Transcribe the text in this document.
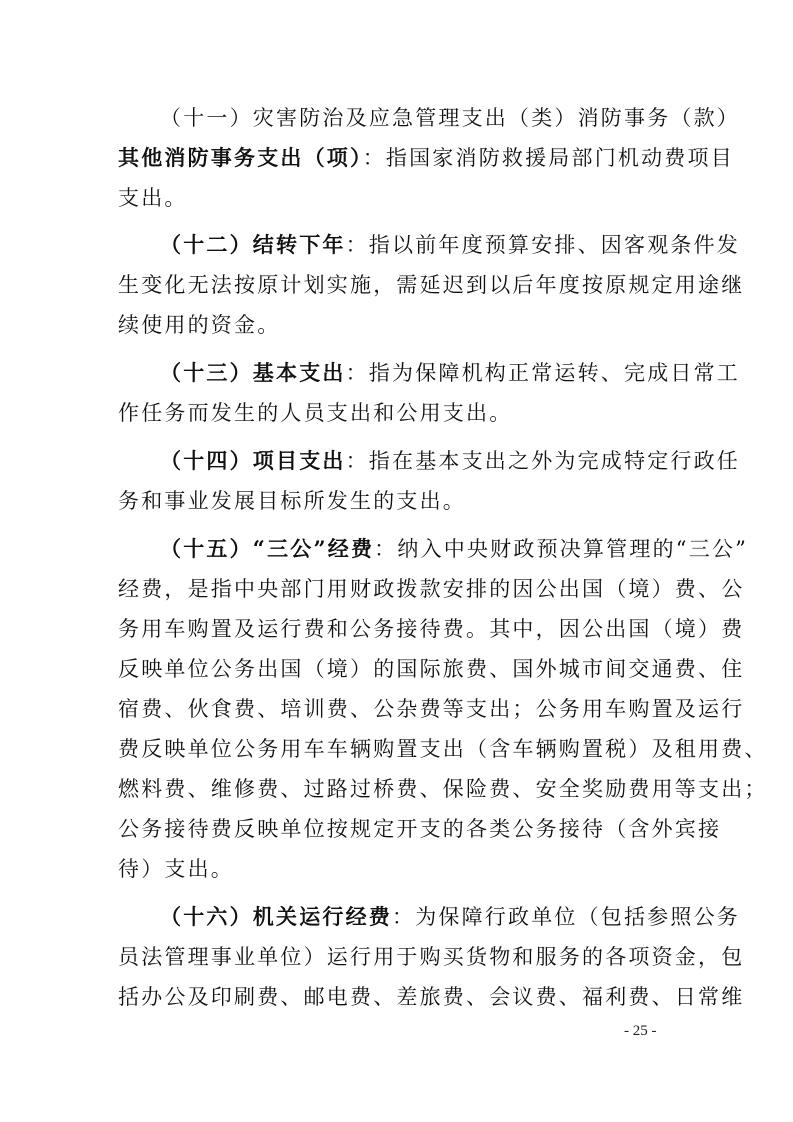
（十一）灾害防治及应急管理支出（类）消防事务（款）
其他消防事务支出（项）：指国家消防救援局部门机动费项目
支出。
（十二）结转下年：指以前年度预算安排、因客观条件发
生变化无法按原计划实施，需延迟到以后年度按原规定用途继
续使用的资金。
（十三）基本支出：指为保障机构正常运转、完成日常工
作任务而发生的人员支出和公用支出。
（十四）项目支出：指在基本支出之外为完成特定行政任
务和事业发展目标所发生的支出。
（十五）“三公”经费：纳入中央财政预决算管理的“三公”
经费，是指中央部门用财政拨款安排的因公出国（境）费、公
务用车购置及运行费和公务接待费。其中，因公出国（境）费
反映单位公务出国（境）的国际旅费、国外城市间交通费、住
宿费、伙食费、培训费、公杂费等支出；公务用车购置及运行
费反映单位公务用车车辆购置支出（含车辆购置税）及租用费、
燃料费、维修费、过路过桥费、保险费、安全奖励费用等支出；
公务接待费反映单位按规定开支的各类公务接待（含外宾接
待）支出。
（十六）机关运行经费：为保障行政单位（包括参照公务
员法管理事业单位）运行用于购买货物和服务的各项资金，包
括办公及印刷费、邮电费、差旅费、会议费、福利费、日常维
- 25 -
